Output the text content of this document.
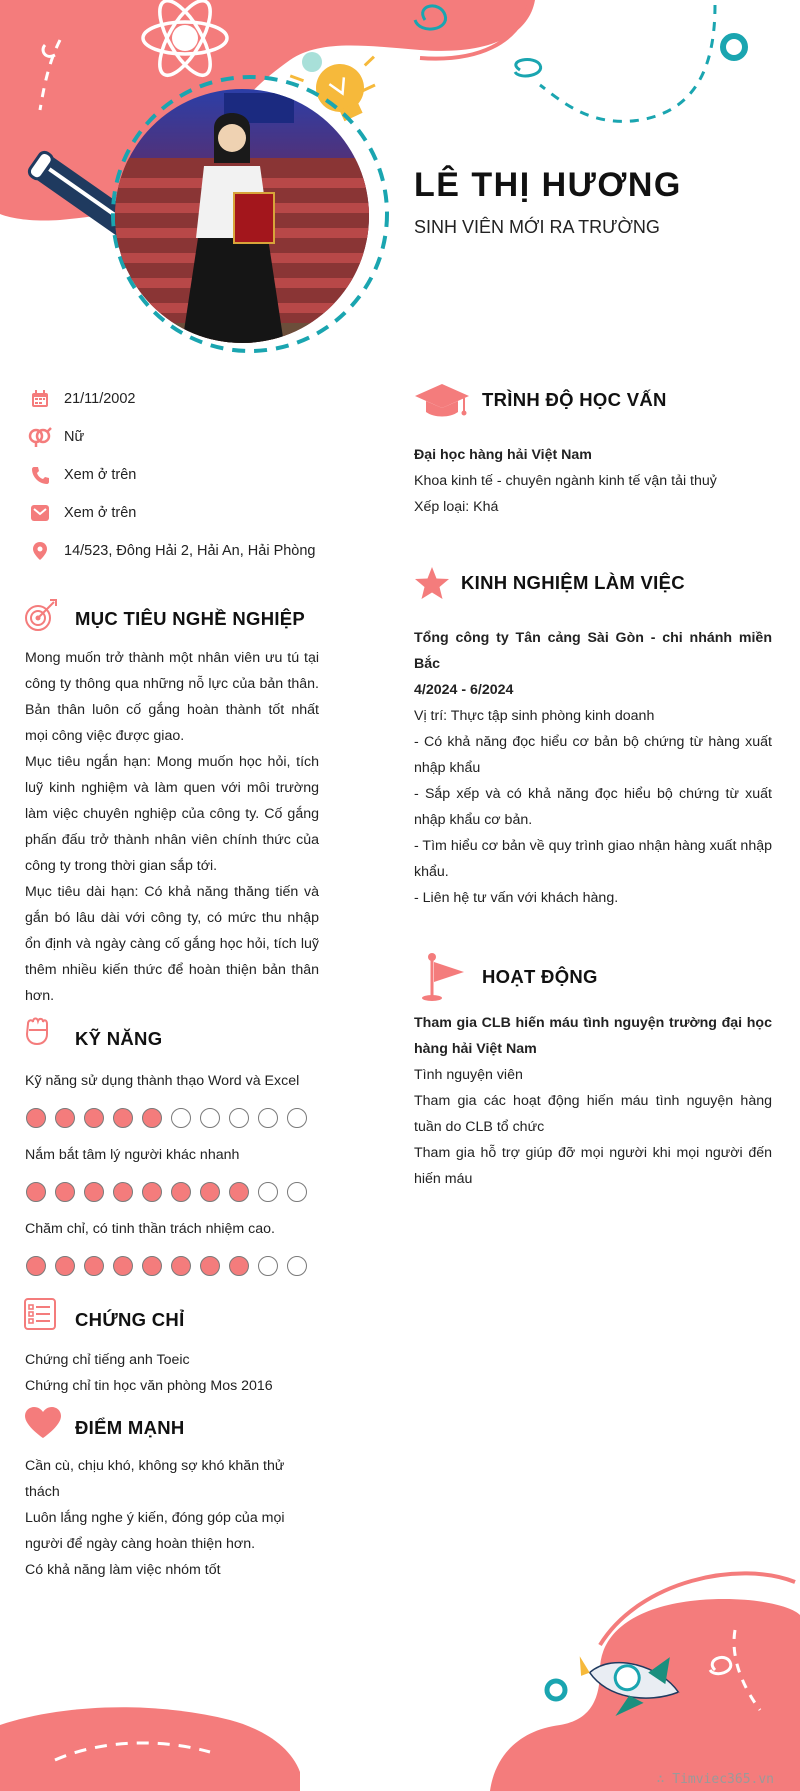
LÊ THỊ HƯƠNG
SINH VIÊN MỚI RA TRƯỜNG
21/11/2002
Nữ
Xem ở trên
Xem ở trên
14/523, Đông Hải 2, Hải An, Hải Phòng
MỤC TIÊU NGHỀ NGHIỆP

Mong muốn trở thành một nhân viên ưu tú tại công ty thông qua những nỗ lực của bản thân. Bản thân luôn cố gắng hoàn thành tốt nhất mọi công việc được giao.

Mục tiêu ngắn hạn: Mong muốn học hỏi, tích luỹ kinh nghiệm và làm quen với môi trường làm việc chuyên nghiệp của công ty. Cố gắng phấn đấu trở thành nhân viên chính thức của công ty trong thời gian sắp tới.

Mục tiêu dài hạn: Có khả năng thăng tiến và gắn bó lâu dài với công ty, có mức thu nhập ổn định và ngày càng cố gắng học hỏi, tích luỹ thêm nhiều kiến thức để hoàn thiện bản thân hơn.

KỸ NĂNG
Kỹ năng sử dụng thành thạo Word và Excel
Nắm bắt tâm lý người khác nhanh
Chăm chỉ, có tinh thần trách nhiệm cao.
CHỨNG CHỈ

Chứng chỉ tiếng anh Toeic

Chứng chỉ tin học văn phòng Mos 2016

ĐIỂM MẠNH

Cần cù, chịu khó, không sợ khó khăn thử thách

Luôn lắng nghe ý kiến, đóng góp của mọi người để ngày càng hoàn thiện hơn.

Có khả năng làm việc nhóm tốt

TRÌNH ĐỘ HỌC VẤN

Đại học hàng hải Việt Nam

Khoa kinh tế - chuyên ngành kinh tế vận tải thuỷ

Xếp loại: Khá

KINH NGHIỆM LÀM VIỆC

Tổng công ty Tân cảng Sài Gòn - chi nhánh miền Bắc

4/2024 - 6/2024

Vị trí: Thực tập sinh phòng kinh doanh

- Có khả năng đọc hiểu cơ bản bộ chứng từ hàng xuất nhập khẩu

- Sắp xếp và có khả năng đọc hiểu bộ chứng từ xuất nhập khẩu cơ bản.

- Tìm hiểu cơ bản về quy trình giao nhận hàng xuất nhập khẩu.

- Liên hệ tư vấn với khách hàng.

HOẠT ĐỘNG

Tham gia CLB hiến máu tình nguyện trường đại học hàng hải Việt Nam

Tình nguyện viên

Tham gia các hoạt động hiến máu tình nguyện hàng tuần do CLB tổ chức

Tham gia hỗ trợ giúp đỡ mọi người khi mọi người đến hiến máu

∴ Timviec365.vn
